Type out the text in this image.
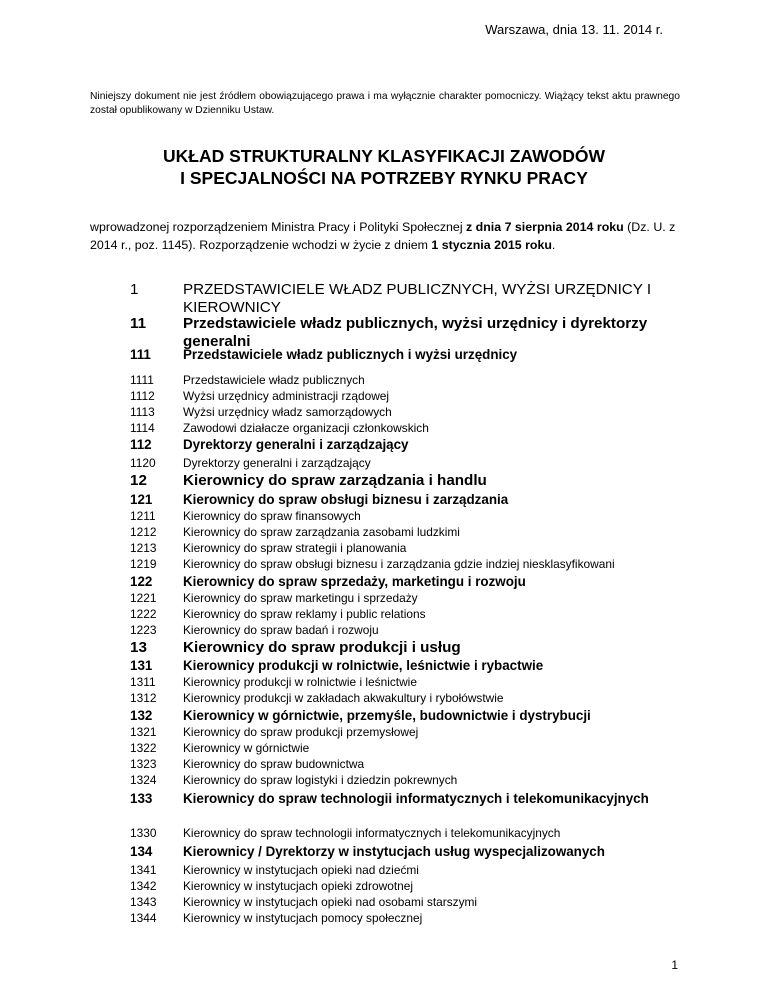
Warszawa, dnia 13. 11. 2014 r.
Niniejszy dokument nie jest źródłem obowiązującego prawa i ma wyłącznie charakter pomocniczy. Wiążący tekst aktu prawnego został opublikowany w Dzienniku Ustaw.
UKŁAD STRUKTURALNY KLASYFIKACJI ZAWODÓW
I SPECJALNOŚCI NA POTRZEBY RYNKU PRACY
wprowadzonej rozporządzeniem Ministra Pracy i Polityki Społecznej z dnia 7 sierpnia 2014 roku (Dz. U. z 2014 r., poz. 1145). Rozporządzenie wchodzi w życie z dniem 1 stycznia 2015 roku.
1	PRZEDSTAWICIELE WŁADZ PUBLICZNYCH, WYŻSI URZĘDNICY I KIEROWNICY
11 Przedstawiciele władz publicznych, wyżsi urzędnicy i dyrektorzy generalni
111 Przedstawiciele władz publicznych i wyżsi urzędnicy
1111 Przedstawiciele władz publicznych
1112 Wyżsi urzędnicy administracji rządowej
1113 Wyżsi urzędnicy władz samorządowych
1114 Zawodowi działacze organizacji członkowskich
112 Dyrektorzy generalni i zarządzający
1120 Dyrektorzy generalni i zarządzający
12 Kierownicy do spraw zarządzania i handlu
121 Kierownicy do spraw obsługi biznesu i zarządzania
1211 Kierownicy do spraw finansowych
1212 Kierownicy do spraw zarządzania zasobami ludzkimi
1213 Kierownicy do spraw strategii i planowania
1219 Kierownicy do spraw obsługi biznesu i zarządzania gdzie indziej niesklasyfikowani
122 Kierownicy do spraw sprzedaży, marketingu i rozwoju
1221 Kierownicy do spraw marketingu i sprzedaży
1222 Kierownicy do spraw reklamy i public relations
1223 Kierownicy do spraw badań i rozwoju
13 Kierownicy do spraw produkcji i usług
131 Kierownicy produkcji w rolnictwie, leśnictwie i rybactwie
1311 Kierownicy produkcji w rolnictwie i leśnictwie
1312 Kierownicy produkcji w zakładach akwakultury i rybołówstwie
132 Kierownicy w górnictwie, przemyśle, budownictwie i dystrybucji
1321 Kierownicy do spraw produkcji przemysłowej
1322 Kierownicy w górnictwie
1323 Kierownicy do spraw budownictwa
1324 Kierownicy do spraw logistyki i dziedzin pokrewnych
133 Kierownicy do spraw technologii informatycznych i telekomunikacyjnych
1330 Kierownicy do spraw technologii informatycznych i telekomunikacyjnych
134 Kierownicy / Dyrektorzy w instytucjach usług wyspecjalizowanych
1341 Kierownicy w instytucjach opieki nad dziećmi
1342 Kierownicy w instytucjach opieki zdrowotnej
1343 Kierownicy w instytucjach opieki nad osobami starszymi
1344 Kierownicy w instytucjach pomocy społecznej
1
